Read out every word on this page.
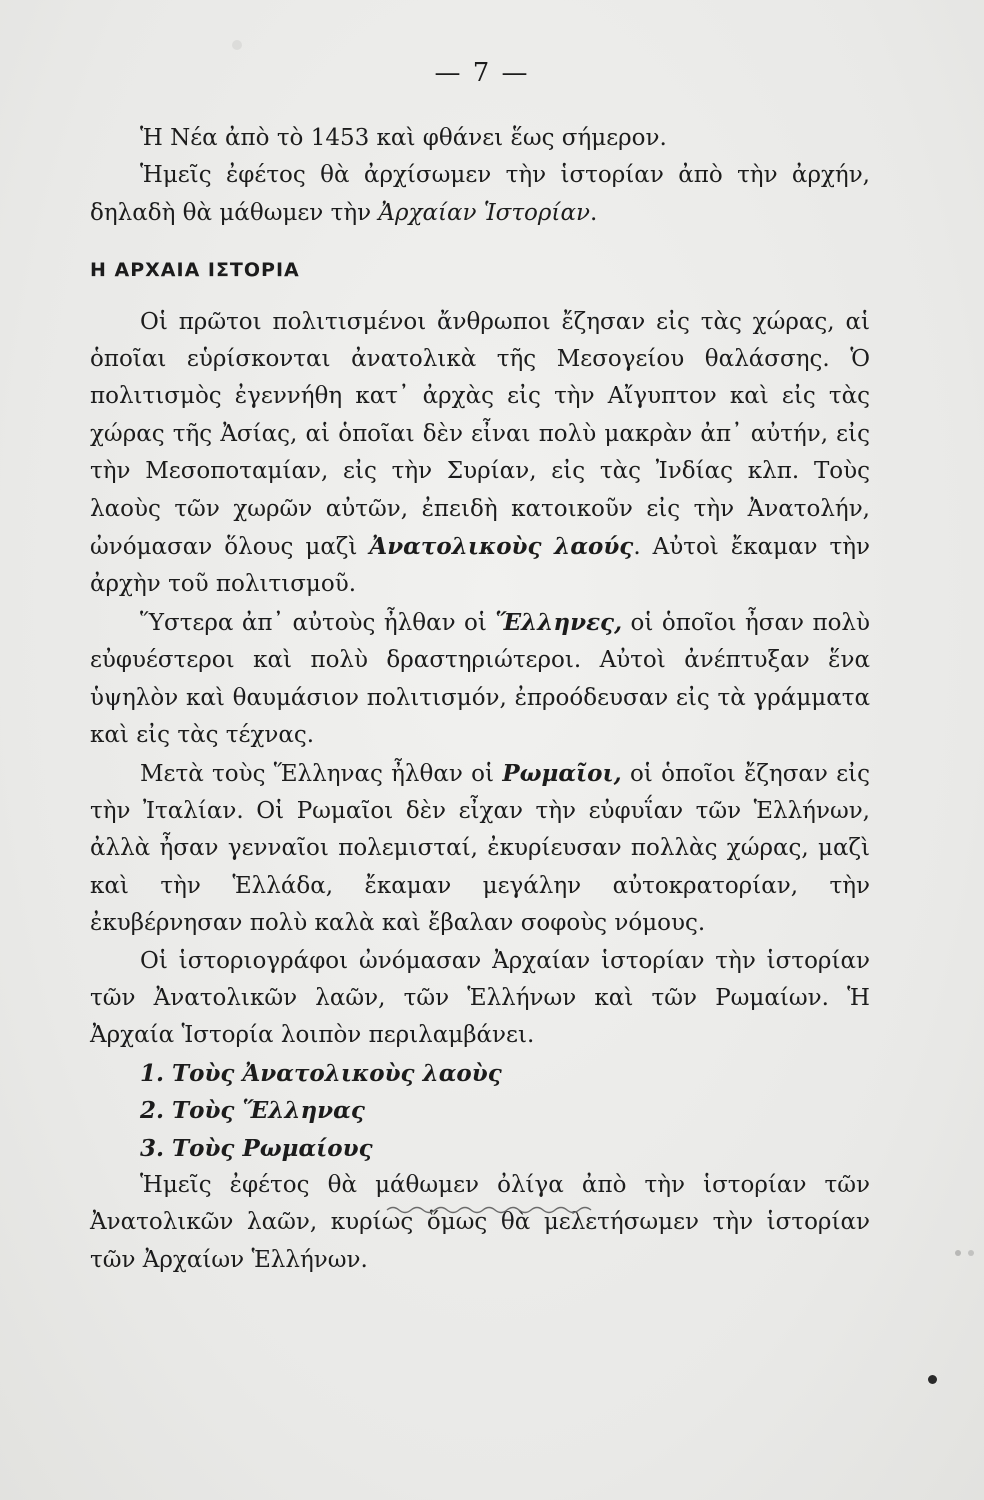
— 7 —

Ἡ Νέα ἀπὸ τὸ 1453 καὶ φθάνει ἕως σήμερον.

Ἡμεῖς ἐφέτος θὰ ἀρχίσωμεν τὴν ἱστορίαν ἀπὸ τὴν ἀρχήν, δηλαδὴ θὰ μάθωμεν τὴν Ἀρχαίαν Ἱστορίαν.

Η ΑΡΧΑΙΑ ΙΣΤΟΡΙΑ

Οἱ πρῶτοι πολιτισμένοι ἄνθρωποι ἔζησαν εἰς τὰς χώρας, αἱ ὁποῖαι εὑρίσκονται ἀνατολικὰ τῆς Μεσογείου θαλάσσης. Ὁ πολιτισμὸς ἐγεννήθη κατ᾽ ἀρχὰς εἰς τὴν Αἴγυπτον καὶ εἰς τὰς χώρας τῆς Ἀσίας, αἱ ὁποῖαι δὲν εἶναι πολὺ μακρὰν ἀπ᾽ αὐτήν, εἰς τὴν Μεσοποταμίαν, εἰς τὴν Συρίαν, εἰς τὰς Ἰνδίας κλπ. Τοὺς λαοὺς τῶν χωρῶν αὐτῶν, ἐπειδὴ κατοικοῦν εἰς τὴν Ἀνατολήν, ὠνόμασαν ὅλους μαζὶ Ἀνατολικοὺς λαούς. Αὐτοὶ ἔκαμαν τὴν ἀρχὴν τοῦ πολιτισμοῦ.

Ὕστερα ἀπ᾽ αὐτοὺς ἦλθαν οἱ Ἕλληνες, οἱ ὁποῖοι ἦσαν πολὺ εὐφυέστεροι καὶ πολὺ δραστηριώτεροι. Αὐτοὶ ἀνέπτυξαν ἕνα ὑψηλὸν καὶ θαυμάσιον πολιτισμόν, ἐπροόδευσαν εἰς τὰ γράμματα καὶ εἰς τὰς τέχνας.

Μετὰ τοὺς Ἕλληνας ἦλθαν οἱ Ρωμαῖοι, οἱ ὁποῖοι ἔζησαν εἰς τὴν Ἰταλίαν. Οἱ Ρωμαῖοι δὲν εἶχαν τὴν εὐφυΐαν τῶν Ἑλλήνων, ἀλλὰ ἦσαν γενναῖοι πολεμισταί, ἐκυρίευσαν πολλὰς χώρας, μαζὶ καὶ τὴν Ἑλλάδα, ἔκαμαν μεγάλην αὐτοκρατορίαν, τὴν ἐκυβέρνησαν πολὺ καλὰ καὶ ἔβαλαν σοφοὺς νόμους.

Οἱ ἱστοριογράφοι ὠνόμασαν Ἀρχαίαν ἱστορίαν τὴν ἱστορίαν τῶν Ἀνατολικῶν λαῶν, τῶν Ἑλλήνων καὶ τῶν Ρωμαίων. Ἡ Ἀρχαία Ἱστορία λοιπὸν περιλαμβάνει.

1. Τοὺς Ἀνατολικοὺς λαοὺς

2. Τοὺς Ἕλληνας

3. Τοὺς Ρωμαίους

Ἡμεῖς ἐφέτος θὰ μάθωμεν ὀλίγα ἀπὸ τὴν ἱστορίαν τῶν Ἀνατολικῶν λαῶν, κυρίως ὅμως θὰ μελετήσωμεν τὴν ἱστορίαν τῶν Ἀρχαίων Ἑλλήνων.
